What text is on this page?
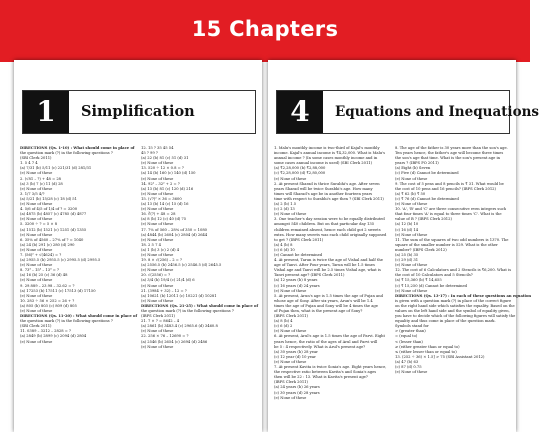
15 Chapters
1	Simplification
DIRECTIONS (Qs. 1-10) : What should come in place of
the question mark (?) in the following questions ?
(SBI Clerk 2011)
1. 5 4 7 4
(a) 7/31 (b) 5/11 (c) 221/31 (d) 281/31
(e) None of these
2. (√81 – ?) + 48 = 28
(a) 3 (b) 7 (c) 11 (d) 28
(e) None of these
3. 1/7 3/5 4/?
(a) 5/21 (b) 15/28 (c) 18 (d) 51
(e) None of these
4. 5/6 of 4/5 of 1/4 of ? = 3200
(a) 4875 (b) 4857 (c) 4785 (d) 4877
(e) None of these
5. 3200 ÷ ? = 5 × 8
(a) 1512 (b) 1521 (c) 1251 (d) 1355
(e) None of these
6. 35% of 4560 – 27% of ? = 1040
(a) 24 (b) 291 (c) 280 (d) 290
(e) None of these
7. (56)² + √(4624) = ?
(a) 2955.5 (b) 2955.5 (c) 2995.5 (d) 2995.5
(e) None of these
8. 73³ – 15³ – 13³ = ?
(a) 16 (b) 25 (c) 36 (d) 48
(e) None of these
9. 29.889 – 23.98 – 32.62 = ?
(a) 17253 (b) 17511 (c) 17513 (d) 17150
(e) None of these
10. 283 ÷ 56 × 252 = 26 + ?
(a) 805 (b) 803 (c) 809 (d) 805
(e) None of these
DIRECTIONS (Qs. 11-20) : What should come in place of
the question mark (?) in the following questions ?
(SBI Clerk 2011)
11. 0389 – 3212 – 2828 = ?
(a) 2849 (b) 2899 (c) 2094 (d) 2804
(e) None of these
12. 15 ? 35 45 54
45 ? 99 ?
(a) 22 (b) 81 (c) 51 (d) 31
(e) None of these
13. 520 ÷ 12 × 0.8 = ?
(a) 14 (b) 160 (c) 140 (d) 150
(e) None of these
14. 92² – 32² + 2 = ?
(a) 13 (b) 81 (c) 120 (d) 216
(e) None of these
15. (√?)² × 36 = 3600
(a) 13 (b) 14 (c) 15 (d) 16
(e) None of these
16. ∛(?) + 48 = 28
(a) 8 (b) 12 (c) 40 (d) 75
(e) None of these
17. 7% of 560 – 28% of 350 = 1080
(a) 4844 (b) 2604 (c) 2804 (d) 2644
(e) None of these
18. 2 5 7 4
(a) 1 (b) 3 (c) 2 (d) 4
(e) None of these
19. 8 × √(256) – 2 = ?
(a) 2556.5 (b) 2456.5 (c) 2546.5 (d) 2645.5
(e) None of these
20. √(2556) = ?
(a) 3/4 (b) 19/4 (c) 21/4 (d) 6
(e) None of these
21. (3984 + 32) – 12 = ?
(a) 10621 (b) 12011 (c) 10221 (d) 10281
(e) None of these
DIRECTIONS (Qs. 21-25) : What should come in place of
the question mark (?) in the following questions ?
(IBPS Clerk 2011)
21. 7 × ? = 8642 – 4
(a) 2861 (b) 3483.4 (c) 2965.6 (d) 3460.8
(e) None of these
22. 256 × 76 – 12690 = ?
(a) 2546 (b) 2654 (c) 2694 (d) 2486
(e) None of these
4	Equations and Inequations
1. Malu's monthly income is two-third of Kajal's monthly
income. Kajal's annual income is ₹4,32,000. What is Malu's
annual income ? (In some cases monthly income and in
some cases annual income is used) (SBI Clerk 2011)
(a) ₹2,28,000 (b) ₹2,88,000
(c) ₹2,28,000 (d) ₹2,80,000
(e) None of these
2. At present Sharad is thrice Surabhi's age. After seven
years Sharad will be twice Surabhi's age. How many
times will Sharad's age be in another fourteen years
time with respect to Surabhi's age then ? (SBI Clerk 2011)
(a) 2 (b) 1.5
(c) 2 (d) 13
(e) None of these
3. One teacher's day session were to be equally distributed
amongst 540 children. But on that particular day 135
children remained absent, hence each child got 2 sweets
extra. How many sweets was each child originally supposed
to get ? (IBPS Clerk 2011)
(a) 4 (b) 8
(c) 6 (d) 10
(e) Cannot be determined
4. At present, Tarun is twice the age of Vishal and half the
age of Tanvi. After Four years, Tarun will be 1.5 times
Vishal age and Tanvi will be 2.5 times Vishal age, what is
Tanvi present age? (IBPS Clerk 2011)
(a) 12 years (b) 8 years
(c) 16 years (d) 24 years
(e) None of these
5. At present, Arun's age is 1.5 times the age of Pujan and
whose age of Sony. After six years, Arun's will be 1.4
times the age of Pujan and Sony will be 4 times the age
of Pujan then, what is the present age of Sony?
(IBPS Clerk 2011)
(a) 8 (b) 4
(c) 6 (d) 2
(e) None of these
6. At present, Arul's age is 1.5 times the age of Parvi. Eight
years hence, the ratio of the ages of Arul and Parvi will
be 5 : 4 respectively. What is Arul's present age?
(a) 30 years (b) 28 year
(c) 12 year (d) 10 year
(e) None of these
7. At present Kavita is twice Sonia's age. Eight years hence,
the respective ratio between Kavita's and Sonia's ages
then will be 22 : 13. What is Kavita's present age?
(IBPS Clerk 2011)
(a) 24 years (b) 26 years
(c) 30 years (d) 28 years
(e) None of these
8. The age of the father is 30 years more than the son's age.
Ten years hence, the father's age will become three times
the son's age that time. What is the son's present age in
years ? (IBPS PO 2011)
(a) Eight (b) Seven
(c) Five (d) Cannot be determined
(e) None of these
9. The cost of 5 pens and 8 pencils is ₹ 31. What would be
the cost of 10 pens and 16 pencils? (IBPS Clerk 2012)
(a) ₹ 62 (b) ₹ 50
(c) ₹ 76 (d) Cannot be determined
(e) None of these
10. 'A', 'B' and 'C' are three consecutive even integers such
that four times 'A' is equal to three times 'C'. What is the
value of B ? (IBPS Clerk 2012)
(a) 12 (b) 10
(c) 16 (d) 14
(e) None of these
11. The sum of the squares of two odd numbers is 1370. The
square of the smaller number is 529. What is the other
number? (IBPS Clerk 2012)
(a) 25 (b) 35
(c) 29 (d) 31
(e) None of these
12. The cost of 6 Calculators and 2 Stencils is ₹6,200. What is
the cost of 10 Calculators and 5 Stencils?
(a) ₹ 15,360 (b) ₹ 14,655
(c) ₹ 15,250 (d) Cannot be determined
(e) None of these
DIRECTIONS (Qs. 13-17) : In each of these questions an equation
is given with a question mark (?) in place of the correct figure
on the right hand side which satisfies the equality. Based on the
values on the left hand side and the symbol of equality given,
you have to decide which of the following figures will satisfy the
equality and thus come in place of the question mark.
Symbols stand for
> (greater than)
= (equal to)
< (lesser than)
≥ (either greater than or equal to)
≤ (either lesser than or equal to)
13. (252 ÷ 36) × 1.5] > 75 (SBI Assistant 2012)
(a) 47 (b) 63
(c) 87 (d) 0.75
(e) None of these
